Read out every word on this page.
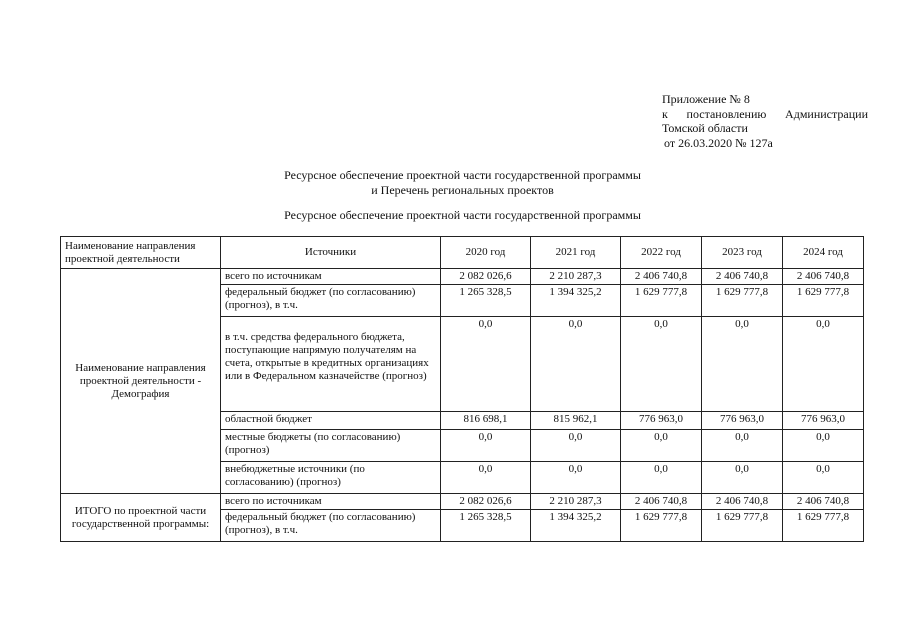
Приложение № 8
к постановлению Администрации
Томской области
от 26.03.2020 № 127а
Ресурсное обеспечение проектной части государственной программы
и Перечень региональных проектов
Ресурсное обеспечение проектной части государственной программы
Наименование направления проектной деятельности	Источники	2020 год	2021 год	2022 год	2023 год	2024 год
Наименование направления проектной деятельности - Демография	всего по источникам	2 082 026,6	2 210 287,3	2 406 740,8	2 406 740,8	2 406 740,8
	федеральный бюджет (по согласованию) (прогноз), в т.ч.	1 265 328,5	1 394 325,2	1 629 777,8	1 629 777,8	1 629 777,8
	в т.ч. средства федерального бюджета, поступающие напрямую получателям на счета, открытые в кредитных организациях или в Федеральном казначействе (прогноз)	0,0	0,0	0,0	0,0	0,0
	областной бюджет	816 698,1	815 962,1	776 963,0	776 963,0	776 963,0
	местные бюджеты (по согласованию) (прогноз)	0,0	0,0	0,0	0,0	0,0
	внебюджетные источники (по согласованию) (прогноз)	0,0	0,0	0,0	0,0	0,0
ИТОГО по проектной части государственной программы:	всего по источникам	2 082 026,6	2 210 287,3	2 406 740,8	2 406 740,8	2 406 740,8
	федеральный бюджет (по согласованию) (прогноз), в т.ч.	1 265 328,5	1 394 325,2	1 629 777,8	1 629 777,8	1 629 777,8
